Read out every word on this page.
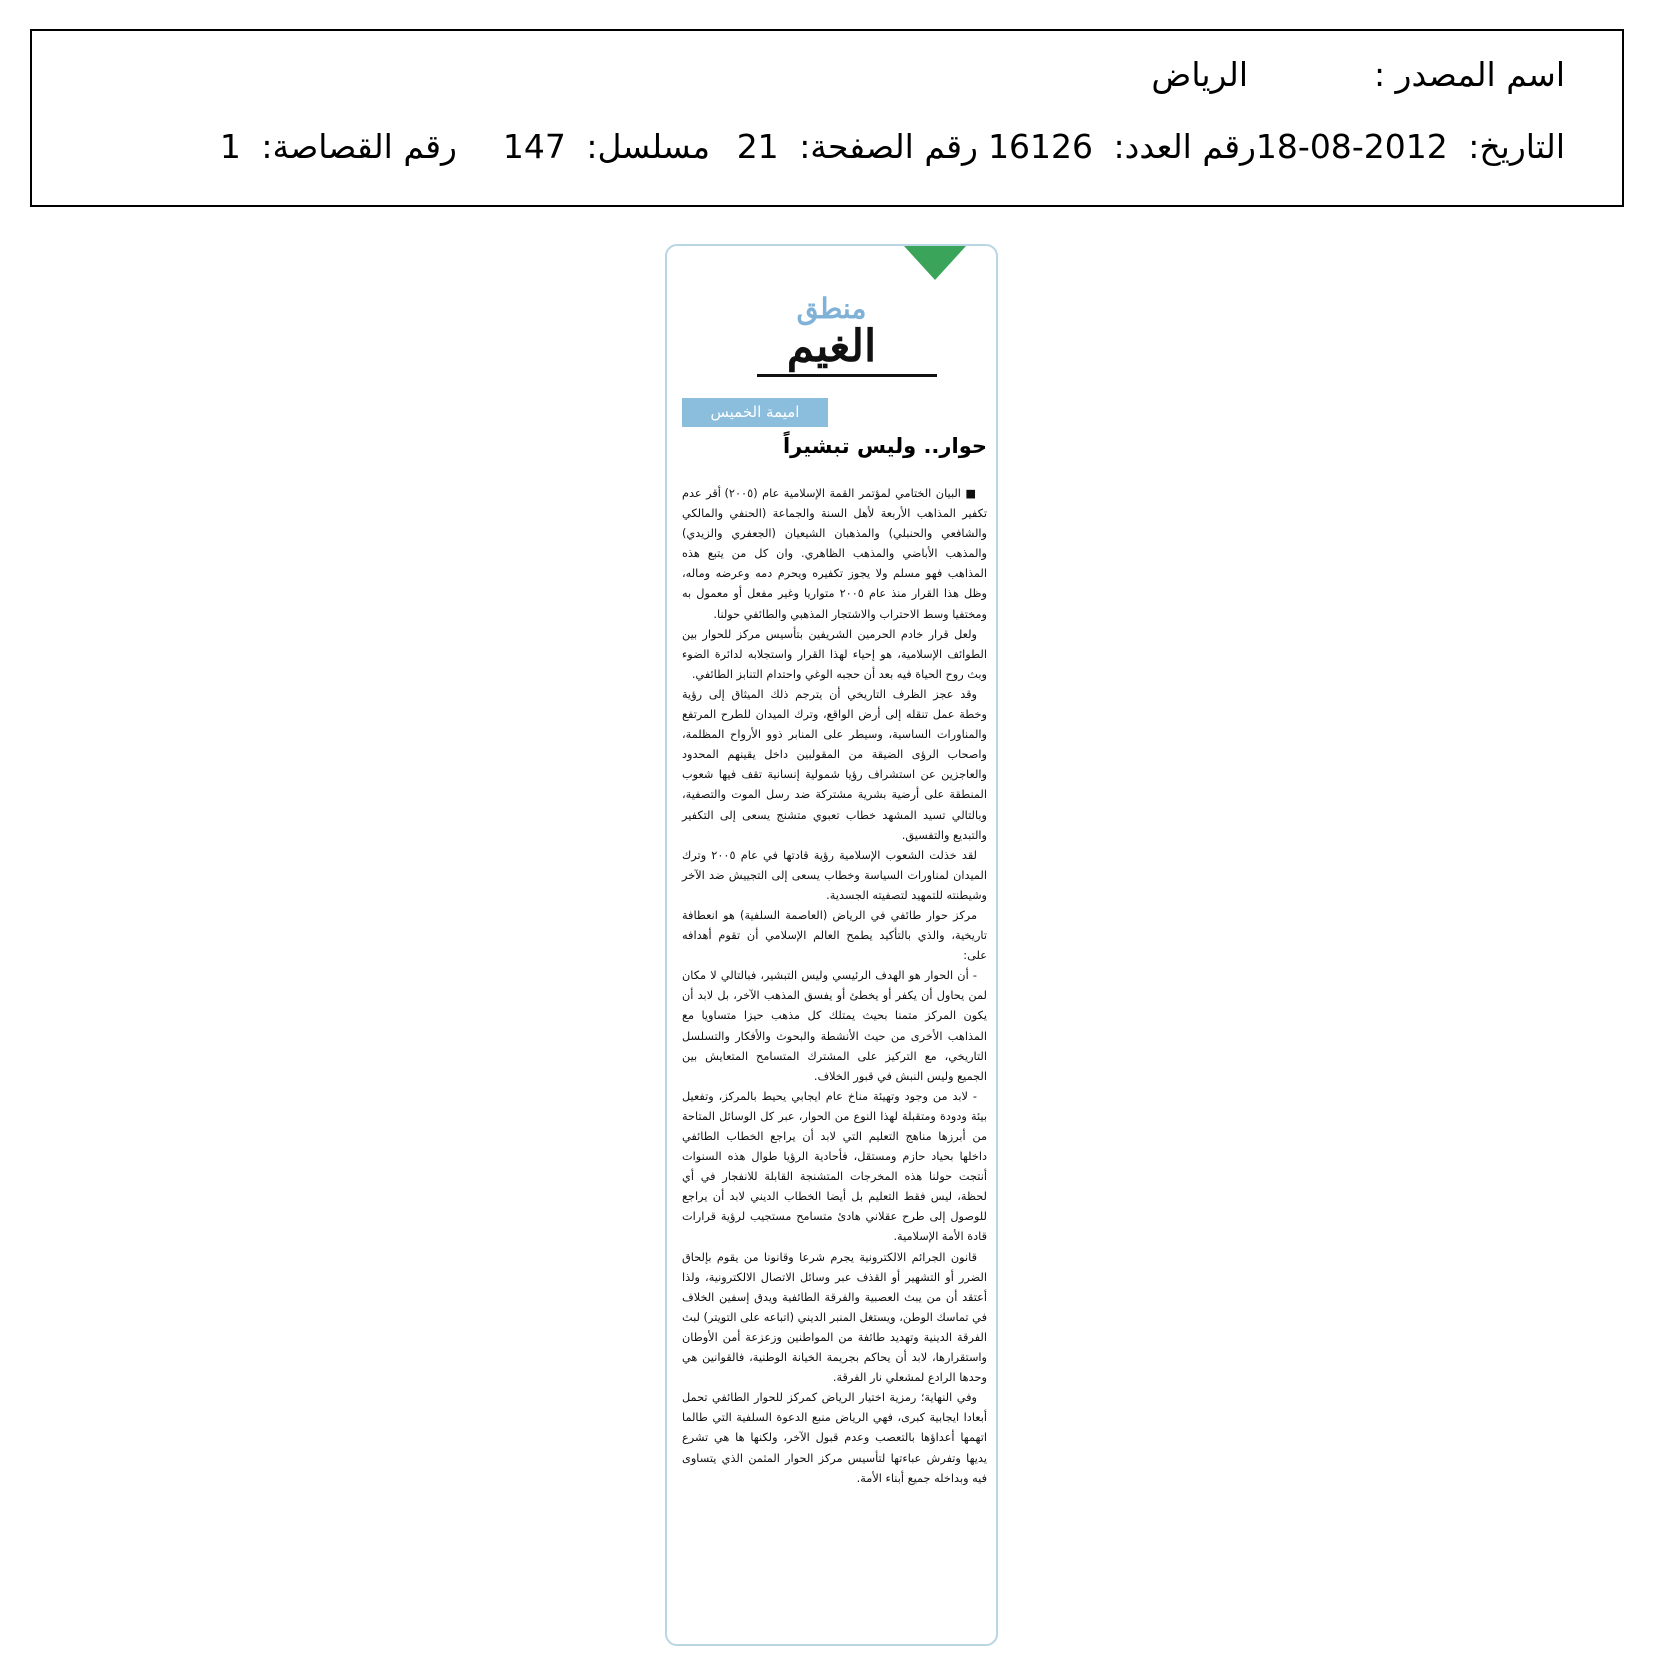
اسم المصدر :
الرياض
التاريخ: 2012-08-18
رقم العدد: 16126
رقم الصفحة: 21
مسلسل: 147
رقم القصاصة: 1
منطق
الغيم
اميمة الخميس
حوار.. وليس تبشيراً

■ البيان الختامي لمؤتمر القمة الإسلامية عام (٢٠٠٥) أقر عدم تكفير المذاهب الأربعة لأهل السنة والجماعة (الحنفي والمالكي والشافعي والحنبلي) والمذهبان الشيعيان (الجعفري والزيدي) والمذهب الأباضي والمذهب الظاهري. وان كل من يتبع هذه المذاهب فهو مسلم ولا يجوز تكفيره ويحرم دمه وعرضه وماله، وظل هذا القرار منذ عام ٢٠٠٥ متواريا وغير مفعل أو معمول به ومختفيا وسط الاحتراب والاشتجار المذهبي والطائفي حولنا.

ولعل قرار خادم الحرمين الشريفين بتأسيس مركز للحوار بين الطوائف الإسلامية، هو إحياء لهذا القرار واستجلابه لدائرة الضوء وبث روح الحياة فيه بعد أن حجبه الوغي واحتدام التنابز الطائفي.

وقد عجز الظرف التاريخي أن يترجم ذلك الميثاق إلى رؤية وخطة عمل تنقله إلى أرض الواقع، وترك الميدان للطرح المرتفع والمناورات الساسية، وسيطر على المنابر ذوو الأرواح المظلمة، واصحاب الرؤى الضيقة من المقولبين داخل يقينهم المحدود والعاجزين عن استشراف رؤيا شمولية إنسانية تقف فيها شعوب المنطقة على أرضية بشرية مشتركة ضد رسل الموت والتصفية، وبالتالي تسيد المشهد خطاب تعبوي متشنج يسعى إلى التكفير والتبديع والتفسيق.

لقد خذلت الشعوب الإسلامية رؤية قادتها في عام ٢٠٠٥ وترك الميدان لمناورات السياسة وخطاب يسعى إلى التجييش ضد الآخر وشيطنته للتمهيد لتصفيته الجسدية.

مركز حوار طائفي في الرياض (العاصمة السلفية) هو انعطافة تاريخية، والذي بالتأكيد يطمح العالم الإسلامي أن تقوم أهدافه على:

- أن الحوار هو الهدف الرئيسي وليس التبشير، فبالتالي لا مكان لمن يحاول أن يكفر أو يخطئ أو يفسق المذهب الآخر، بل لابد أن يكون المركز متمنا بحيث يمتلك كل مذهب حيزا متساويا مع المذاهب الأخرى من حيث الأنشطة والبحوث والأفكار والتسلسل التاريخي، مع التركيز على المشترك المتسامح المتعايش بين الجميع وليس النبش في قبور الخلاف.

- لابد من وجود وتهيئة مناخ عام ايجابي يحيط بالمركز، وتفعيل بيئة ودودة ومتقبلة لهذا النوع من الحوار، عبر كل الوسائل المتاحة من أبرزها مناهج التعليم التي لابد أن يراجع الخطاب الطائفي داخلها بحياد حازم ومستقل، فأحادية الرؤيا طوال هذه السنوات أنتجت حولنا هذه المخرجات المتشنجة القابلة للانفجار في أي لحظة، ليس فقط التعليم بل أيضا الخطاب الديني لابد أن يراجع للوصول إلى طرح عقلاني هادئ متسامح مستجيب لرؤية قرارات قادة الأمة الإسلامية.

قانون الجرائم الالكترونية يجرم شرعا وقانونا من يقوم بإلحاق الضرر أو التشهير أو القذف عبر وسائل الاتصال الالكترونية، ولذا أعتقد أن من يبث العصبية والفرقة الطائفية ويدق إسفين الخلاف في تماسك الوطن، ويستغل المنبر الديني (اتباعه على التويتر) لبث الفرقة الدينية وتهديد طائفة من المواطنين وزعزعة أمن الأوطان واستقرارها، لابد أن يحاكم بجريمة الخيانة الوطنية، فالقوانين هي وحدها الرادع لمشعلي نار الفرقة.

وفي النهاية؛ رمزية اختيار الرياض كمركز للحوار الطائفي تحمل أبعادا ايجابية كبرى، فهي الرياض منبع الدعوة السلفية التي طالما اتهمها أعداؤها بالتعصب وعدم قبول الآخر، ولكنها ها هي تشرع يديها وتفرش عباءتها لتأسيس مركز الحوار المثمن الذي يتساوى فيه وبداخله جميع أبناء الأمة.
